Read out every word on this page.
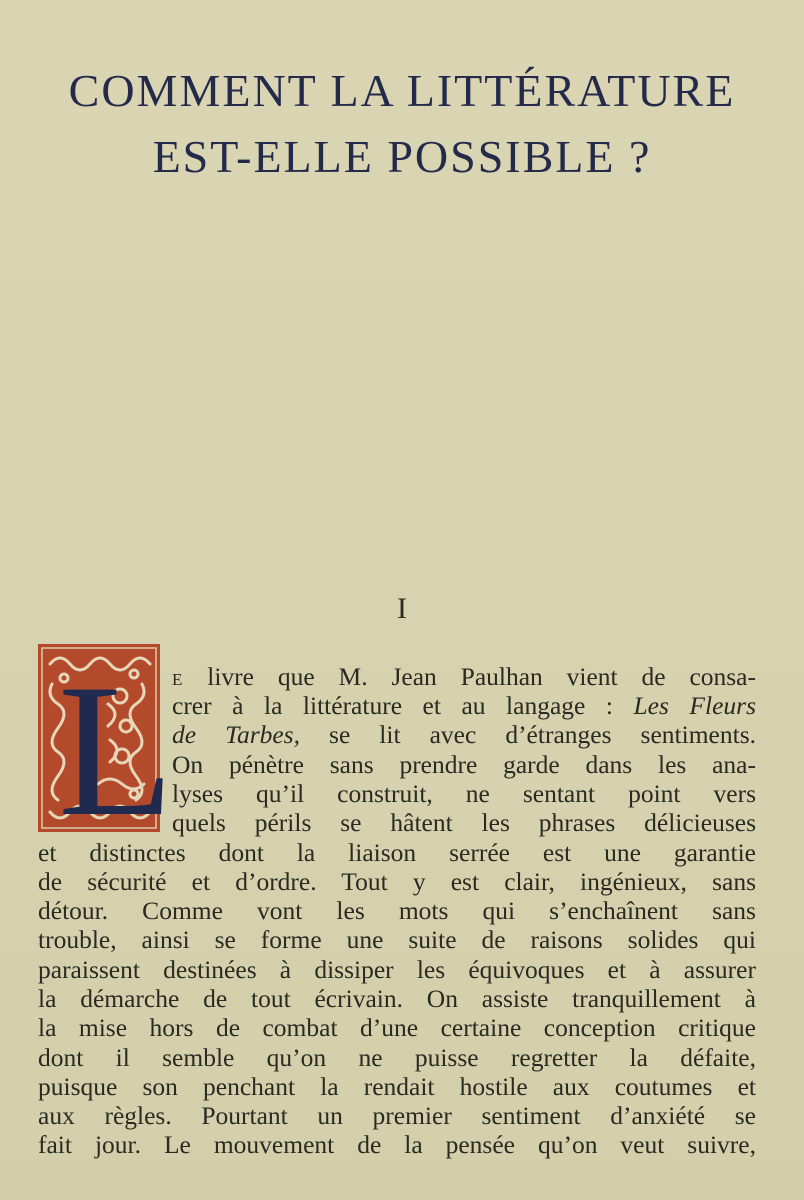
COMMENT LA LITTÉRATURE
EST-ELLE POSSIBLE ?
I
L
E livre que M. Jean Paulhan vient de consa-
crer à la littérature et au langage : Les Fleurs
de Tarbes, se lit avec d’étranges sentiments.
On pénètre sans prendre garde dans les ana-
lyses qu’il construit, ne sentant point vers
quels périls se hâtent les phrases délicieuses
et distinctes dont la liaison serrée est une garantie
de sécurité et d’ordre. Tout y est clair, ingénieux, sans
détour. Comme vont les mots qui s’enchaînent sans
trouble, ainsi se forme une suite de raisons solides qui
paraissent destinées à dissiper les équivoques et à assurer
la démarche de tout écrivain. On assiste tranquillement à
la mise hors de combat d’une certaine conception critique
dont il semble qu’on ne puisse regretter la défaite,
puisque son penchant la rendait hostile aux coutumes et
aux règles. Pourtant un premier sentiment d’anxiété se
fait jour. Le mouvement de la pensée qu’on veut suivre,
